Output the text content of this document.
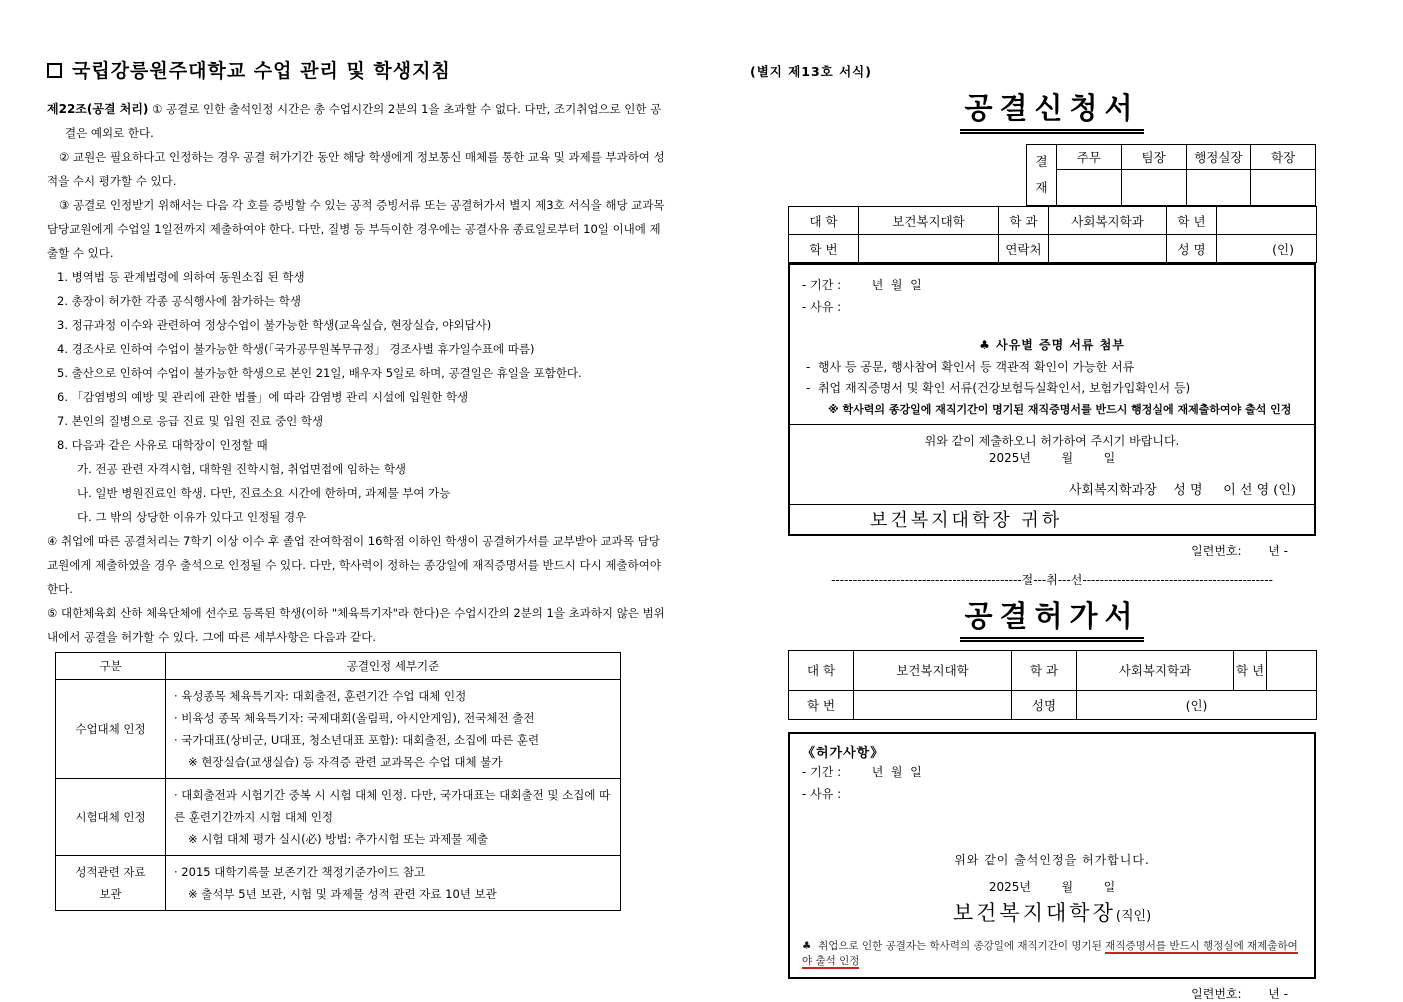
국립강릉원주대학교 수업 관리 및 학생지침

제22조(공결 처리) ① 공결로 인한 출석인정 시간은 총 수업시간의 2분의 1을 초과할 수 없다. 다만, 조기취업으로 인한 공결은 예외로 한다.

② 교원은 필요하다고 인정하는 경우 공결 허가기간 동안 해당 학생에게 정보통신 매체를 통한 교육 및 과제를 부과하여 성적을 수시 평가할 수 있다.

③ 공결로 인정받기 위해서는 다음 각 호를 증빙할 수 있는 공적 증빙서류 또는 공결허가서 별지 제3호 서식을 해당 교과목 담당교원에게 수업일 1일전까지 제출하여야 한다. 다만, 질병 등 부득이한 경우에는 공결사유 종료일로부터 10일 이내에 제출할 수 있다.

1. 병역법 등 관계법령에 의하여 동원소집 된 학생

2. 총장이 허가한 각종 공식행사에 참가하는 학생

3. 정규과정 이수와 관련하여 정상수업이 불가능한 학생(교육실습, 현장실습, 야외답사)

4. 경조사로 인하여 수업이 불가능한 학생(「국가공무원복무규정」 경조사별 휴가일수표에 따름)

5. 출산으로 인하여 수업이 불가능한 학생으로 본인 21일, 배우자 5일로 하며, 공결일은 휴일을 포함한다.

6. 「감염병의 예방 및 관리에 관한 법률」에 따라 감염병 관리 시설에 입원한 학생

7. 본인의 질병으로 응급 진료 및 입원 진료 중인 학생

8. 다음과 같은 사유로 대학장이 인정할 때

가. 전공 관련 자격시험, 대학원 진학시험, 취업면접에 임하는 학생

나. 일반 병원진료인 학생. 다만, 진료소요 시간에 한하며, 과제물 부여 가능

다. 그 밖의 상당한 이유가 있다고 인정될 경우

④ 취업에 따른 공결처리는 7학기 이상 이수 후 졸업 잔여학점이 16학점 이하인 학생이 공결허가서를 교부받아 교과목 담당교원에게 제출하였을 경우 출석으로 인정될 수 있다. 다만, 학사력이 정하는 종강일에 재직증명서를 반드시 다시 제출하여야 한다.

⑤ 대한체육회 산하 체육단체에 선수로 등록된 학생(이하 "체육특기자"라 한다)은 수업시간의 2분의 1을 초과하지 않은 범위내에서 공결을 허가할 수 있다. 그에 따른 세부사항은 다음과 같다.

구분	공결인정 세부기준
수업대체 인정	· 육성종목 체육특기자: 대회출전, 훈련기간 수업 대체 인정
· 비육성 종목 체육특기자: 국제대회(올림픽, 아시안게임), 전국체전 출전
· 국가대표(상비군, U대표, 청소년대표 포함): 대회출전, 소집에 따른 훈련
※ 현장실습(교생실습) 등 자격증 관련 교과목은 수업 대체 불가

시험대체 인정	· 대회출전과 시험기간 중복 시 시험 대체 인정. 다만, 국가대표는 대회출전 및 소집에 따른 훈련기간까지 시험 대체 인정
※ 시험 대체 평가 실시(必) 방법: 추가시험 또는 과제물 제출

성적관련 자료보관	· 2015 대학기록물 보존기간 책정기준가이드 참고
※ 출석부 5년 보관, 시험 및 과제물 성적 관련 자료 10년 보관
(별지 제13호 서식)
공결신청서
결재	주무	팀장	행정실장	학장

대 학	보건복지대학	학 과	사회복지학과	학 년	
학 번		연락처		성 명	(인)
- 기간 :        년  월  일
- 사유 :
♣ 사유별 증명 서류 첨부
-  행사 등 공문, 행사참여 확인서 등 객관적 확인이 가능한 서류
-  취업 재직증명서 및 확인 서류(건강보험득실확인서, 보험가입확인서 등)
※ 학사력의 종강일에 재직기간이 명기된 재직증명서를 반드시 행정실에 재제출하여야 출석 인정
위와 같이 제출하오니 허가하여 주시기 바랍니다.
2025년        월        일
사회복지학과장    성 명     이 선 영 (인)
보건복지대학장 귀하
일련번호:       년 -
--------------------------------------------절---취---선--------------------------------------------
공결허가서
대 학	보건복지대학	학 과	사회복지학과	학 년	
학 번		성명	(인)		
《허가사항》
- 기간 :        년  월  일
- 사유 :
위와 같이 출석인정을 허가합니다.
2025년        월        일
보건복지대학장(직인)
♣  취업으로 인한 공결자는 학사력의 종강일에 재직기간이 명기된 재직증명서를 반드시 행정실에 재제출하여야 출석 인정
일련번호:       년 -
